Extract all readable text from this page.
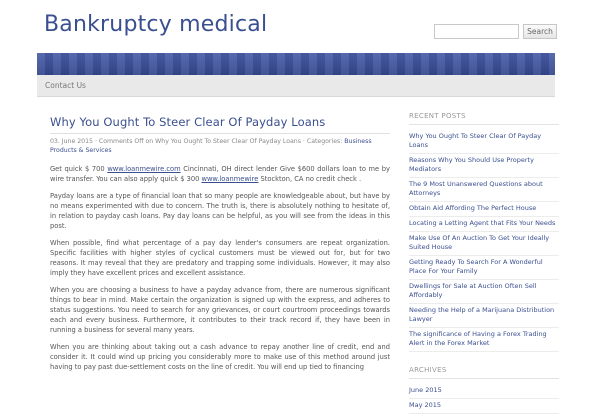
Bankruptcy medical	Search
Contact Us
Why You Ought To Steer Clear Of Payday Loans
03. June 2015 · Comments Off on Why You Ought To Steer Clear Of Payday Loans · Categories: Business Products & Services

Get quick $ 700 www.loanmewire.com Cincinnati, OH direct lender Give $600 dollars loan to me by wire transfer. You can also apply quick $ 300 www.loanmewire Stockton, CA no credit check .

Payday loans are a type of financial loan that so many people are knowledgeable about, but have by no means experimented with due to concern. The truth is, there is absolutely nothing to hesitate of, in relation to payday cash loans. Pay day loans can be helpful, as you will see from the ideas in this post.

When possible, find what percentage of a pay day lender's consumers are repeat organization. Specific facilities with higher styles of cyclical customers must be viewed out for, but for two reasons. It may reveal that they are predatory and trapping some individuals. However, it may also imply they have excellent prices and excellent assistance.

When you are choosing a business to have a payday advance from, there are numerous significant things to bear in mind. Make certain the organization is signed up with the express, and adheres to status suggestions. You need to search for any grievances, or court courtroom proceedings towards each and every business. Furthermore, it contributes to their track record if, they have been in running a business for several many years.

When you are thinking about taking out a cash advance to repay another line of credit, end and consider it. It could wind up pricing you considerably more to make use of this method around just having to pay past due-settlement costs on the line of credit. You will end up tied to financing

RECENT POSTS
Why You Ought To Steer Clear Of Payday Loans
Reasons Why You Should Use Property Mediators
The 9 Most Unanswered Questions about Attorneys
Obtain Aid Affording The Perfect House
Locating a Letting Agent that Fits Your Needs
Make Use Of An Auction To Get Your Ideally Suited House
Getting Ready To Search For A Wonderful Place For Your Family
Dwellings for Sale at Auction Often Sell Affordably
Needing the Help of a Marijuana Distribution Lawyer
The significance of Having a Forex Trading Alert in the Forex Market
ARCHIVES
June 2015
May 2015
